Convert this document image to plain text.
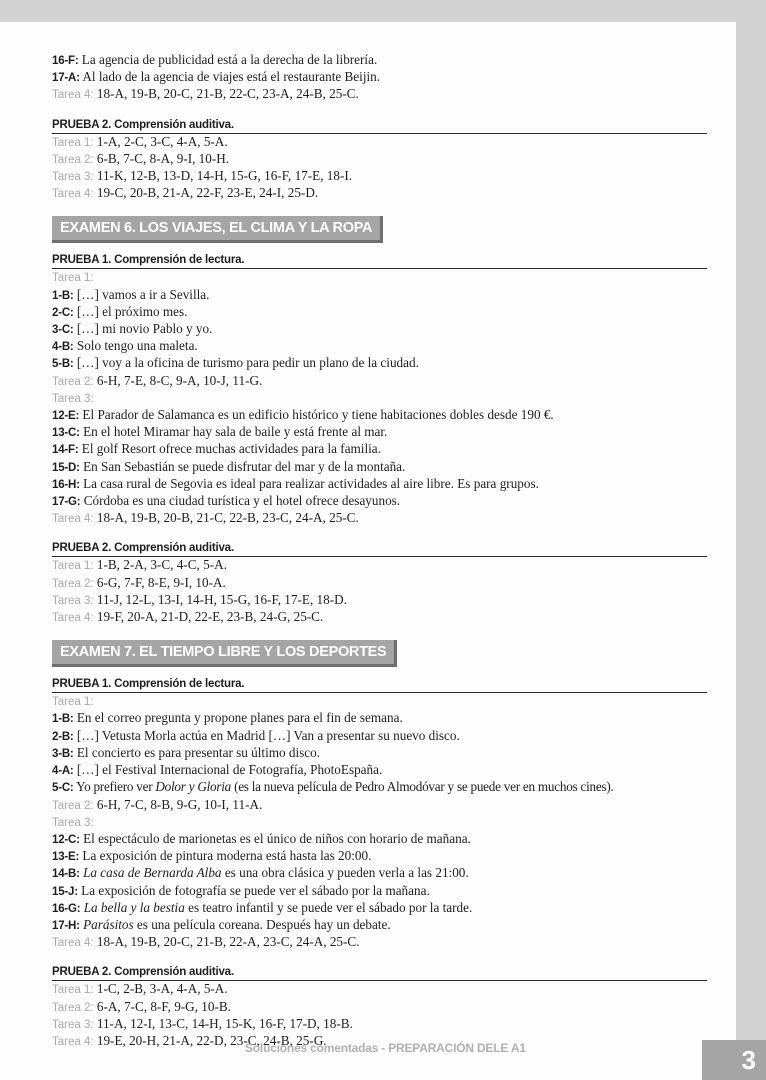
16-F: La agencia de publicidad está a la derecha de la librería.
17-A: Al lado de la agencia de viajes está el restaurante Beijin.
Tarea 4: 18-A, 19-B, 20-C, 21-B, 22-C, 23-A, 24-B, 25-C.
PRUEBA 2. Comprensión auditiva.
Tarea 1: 1-A, 2-C, 3-C, 4-A, 5-A.
Tarea 2: 6-B, 7-C, 8-A, 9-I, 10-H.
Tarea 3: 11-K, 12-B, 13-D, 14-H, 15-G, 16-F, 17-E, 18-I.
Tarea 4: 19-C, 20-B, 21-A, 22-F, 23-E, 24-I, 25-D.
EXAMEN 6. LOS VIAJES, EL CLIMA Y LA ROPA
PRUEBA 1. Comprensión de lectura.
Tarea 1:
1-B: […] vamos a ir a Sevilla.
2-C: […] el próximo mes.
3-C: […] mi novio Pablo y yo.
4-B: Solo tengo una maleta.
5-B: […] voy a la oficina de turismo para pedir un plano de la ciudad.
Tarea 2: 6-H, 7-E, 8-C, 9-A, 10-J, 11-G.
Tarea 3:
12-E: El Parador de Salamanca es un edificio histórico y tiene habitaciones dobles desde 190 €.
13-C: En el hotel Miramar hay sala de baile y está frente al mar.
14-F: El golf Resort ofrece muchas actividades para la familia.
15-D: En San Sebastián se puede disfrutar del mar y de la montaña.
16-H: La casa rural de Segovia es ideal para realizar actividades al aire libre. Es para grupos.
17-G: Córdoba es una ciudad turística y el hotel ofrece desayunos.
Tarea 4: 18-A, 19-B, 20-B, 21-C, 22-B, 23-C, 24-A, 25-C.
PRUEBA 2. Comprensión auditiva.
Tarea 1: 1-B, 2-A, 3-C, 4-C, 5-A.
Tarea 2: 6-G, 7-F, 8-E, 9-I, 10-A.
Tarea 3: 11-J, 12-L, 13-I, 14-H, 15-G, 16-F, 17-E, 18-D.
Tarea 4: 19-F, 20-A, 21-D, 22-E, 23-B, 24-G, 25-C.
EXAMEN 7. EL TIEMPO LIBRE Y LOS DEPORTES
PRUEBA 1. Comprensión de lectura.
Tarea 1:
1-B: En el correo pregunta y propone planes para el fin de semana.
2-B: […] Vetusta Morla actúa en Madrid […] Van a presentar su nuevo disco.
3-B: El concierto es para presentar su último disco.
4-A: […] el Festival Internacional de Fotografía, PhotoEspaña.
5-C: Yo prefiero ver Dolor y Gloria (es la nueva película de Pedro Almodóvar y se puede ver en muchos cines).
Tarea 2: 6-H, 7-C, 8-B, 9-G, 10-I, 11-A.
Tarea 3:
12-C: El espectáculo de marionetas es el único de niños con horario de mañana.
13-E: La exposición de pintura moderna está hasta las 20:00.
14-B: La casa de Bernarda Alba es una obra clásica y pueden verla a las 21:00.
15-J: La exposición de fotografía se puede ver el sábado por la mañana.
16-G: La bella y la bestia es teatro infantil y se puede ver el sábado por la tarde.
17-H: Parásitos es una película coreana. Después hay un debate.
Tarea 4: 18-A, 19-B, 20-C, 21-B, 22-A, 23-C, 24-A, 25-C.
PRUEBA 2. Comprensión auditiva.
Tarea 1: 1-C, 2-B, 3-A, 4-A, 5-A.
Tarea 2: 6-A, 7-C, 8-F, 9-G, 10-B.
Tarea 3: 11-A, 12-I, 13-C, 14-H, 15-K, 16-F, 17-D, 18-B.
Tarea 4: 19-E, 20-H, 21-A, 22-D, 23-C, 24-B, 25-G.
Soluciones comentadas - PREPARACIÓN DELE A1	3
